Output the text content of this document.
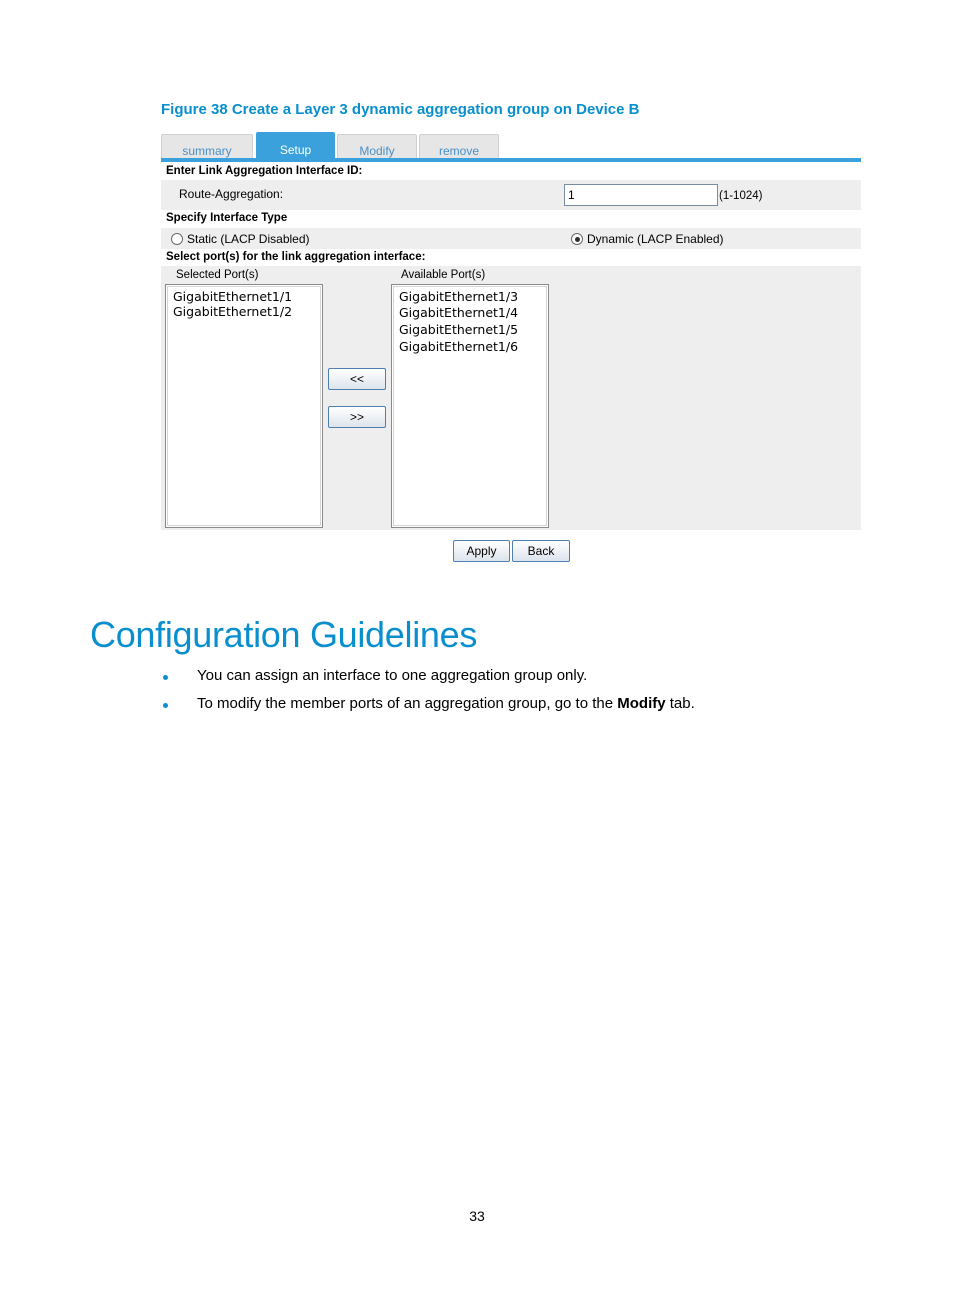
Figure 38 Create a Layer 3 dynamic aggregation group on Device B
summary	Setup	Modify	remove
Enter Link Aggregation Interface ID:
Route-Aggregation:
1	(1-1024)
Specify Interface Type
Static (LACP Disabled)	Dynamic (LACP Enabled)
Select port(s) for the link aggregation interface:
Selected Port(s)	Available Port(s)
GigabitEthernet1/1
GigabitEthernet1/2
<<
>>
GigabitEthernet1/3
GigabitEthernet1/4
GigabitEthernet1/5
GigabitEthernet1/6
Apply	Back
Configuration Guidelines
You can assign an interface to one aggregation group only.
To modify the member ports of an aggregation group, go to the Modify tab.
33
